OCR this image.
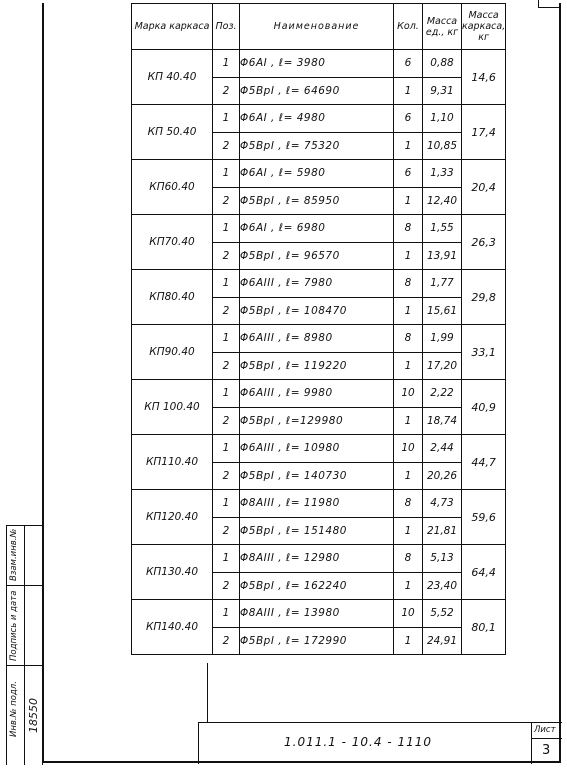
Марка каркаса	Поз.	Наименование	Кол.	Масса ед., кг	Масса каркаса, кг
КП 40.40	1	Φ6AI , ℓ= 3980	6	0,88	14,6
	2	Φ5BpI , ℓ= 64690	1	9,31	
КП 50.40	1	Φ6AI , ℓ= 4980	6	1,10	17,4
	2	Φ5BpI , ℓ= 75320	1	10,85	
КП60.40	1	Φ6AI , ℓ= 5980	6	1,33	20,4
	2	Φ5BpI , ℓ= 85950	1	12,40	
КП70.40	1	Φ6AI , ℓ= 6980	8	1,55	26,3
	2	Φ5BpI , ℓ= 96570	1	13,91	
КП80.40	1	Φ6AIII , ℓ= 7980	8	1,77	29,8
	2	Φ5BpI , ℓ= 108470	1	15,61	
КП90.40	1	Φ6AIII , ℓ= 8980	8	1,99	33,1
	2	Φ5BpI , ℓ= 119220	1	17,20	
КП 100.40	1	Φ6AIII , ℓ= 9980	10	2,22	40,9
	2	Φ5BpI , ℓ=129980	1	18,74	
КП110.40	1	Φ6AIII , ℓ= 10980	10	2,44	44,7
	2	Φ5BpI , ℓ= 140730	1	20,26	
КП120.40	1	Φ8AIII , ℓ= 11980	8	4,73	59,6
	2	Φ5BpI , ℓ= 151480	1	21,81	
КП130.40	1	Φ8AIII , ℓ= 12980	8	5,13	64,4
	2	Φ5BpI , ℓ= 162240	1	23,40	
КП140.40	1	Φ8AIII , ℓ= 13980	10	5,52	80,1
	2	Φ5BpI , ℓ= 172990	1	24,91	
Взам.инв.№
Подпись и дата
Инв.№ подл. 18550
1.011.1 - 10.4 - 1110
Лист
3
